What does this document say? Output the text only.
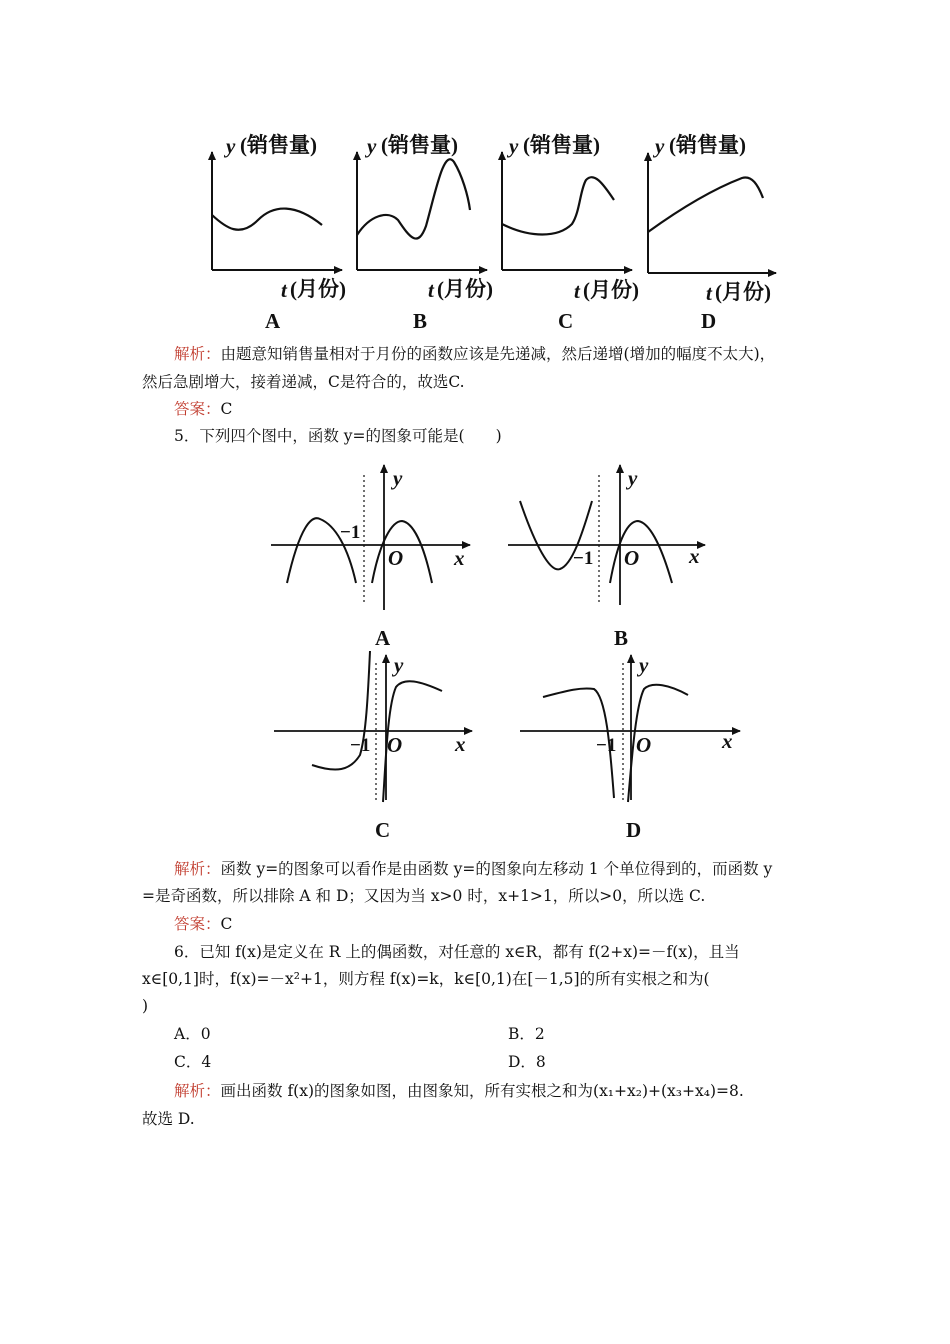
y (销售量)
t (月份)
A
y (销售量)
t (月份)
B
y (销售量)
t (月份)
C
y (销售量)
t (月份)
D
解析：由题意知销售量相对于月份的函数应该是先递减，然后递增(增加的幅度不太大)，
然后急剧增大，接着递减，C是符合的，故选C.
答案：C
5．下列四个图中，函数 y=的图象可能是(　　)
y
x
O
−1
A
y
x
O
−1
B
y
x
O
−1
C
y
x
O
−1
D
解析：函数 y=的图象可以看作是由函数 y=的图象向左移动 1 个单位得到的，而函数 y
=是奇函数，所以排除 A 和 D；又因为当 x>0 时，x+1>1，所以>0，所以选 C.
答案：C
6．已知 f(x)是定义在 R 上的偶函数，对任意的 x∈R，都有 f(2+x)=－f(x)，且当
x∈[0,1]时，f(x)=－x²+1，则方程 f(x)=k，k∈[0,1)在[－1,5]的所有实根之和为(
)
A．0	B．2
C．4	D．8
解析：画出函数 f(x)的图象如图，由图象知，所有实根之和为(x₁+x₂)+(x₃+x₄)=8.
故选 D.
